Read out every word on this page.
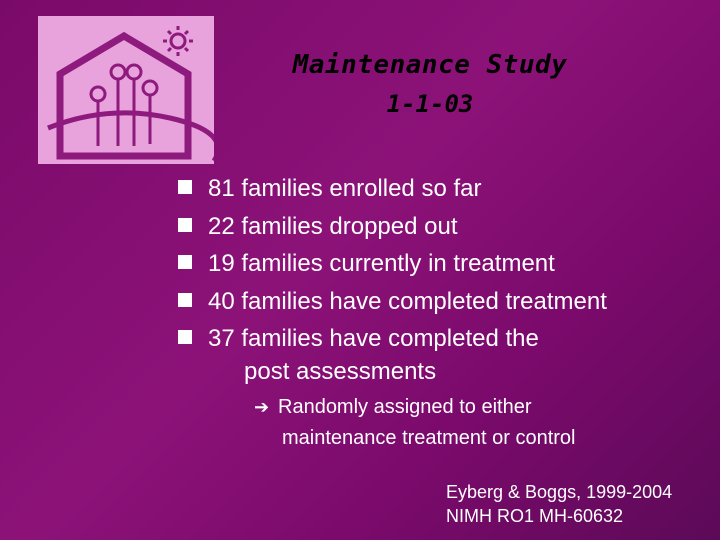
Maintenance Study
1-1-03
81 families enrolled so far
22 families dropped out
19 families currently in treatment
40 families have completed treatment
37 families have completed the
post assessments
➔ Randomly assigned to either
maintenance treatment or control
Eyberg & Boggs, 1999-2004
NIMH RO1 MH-60632
